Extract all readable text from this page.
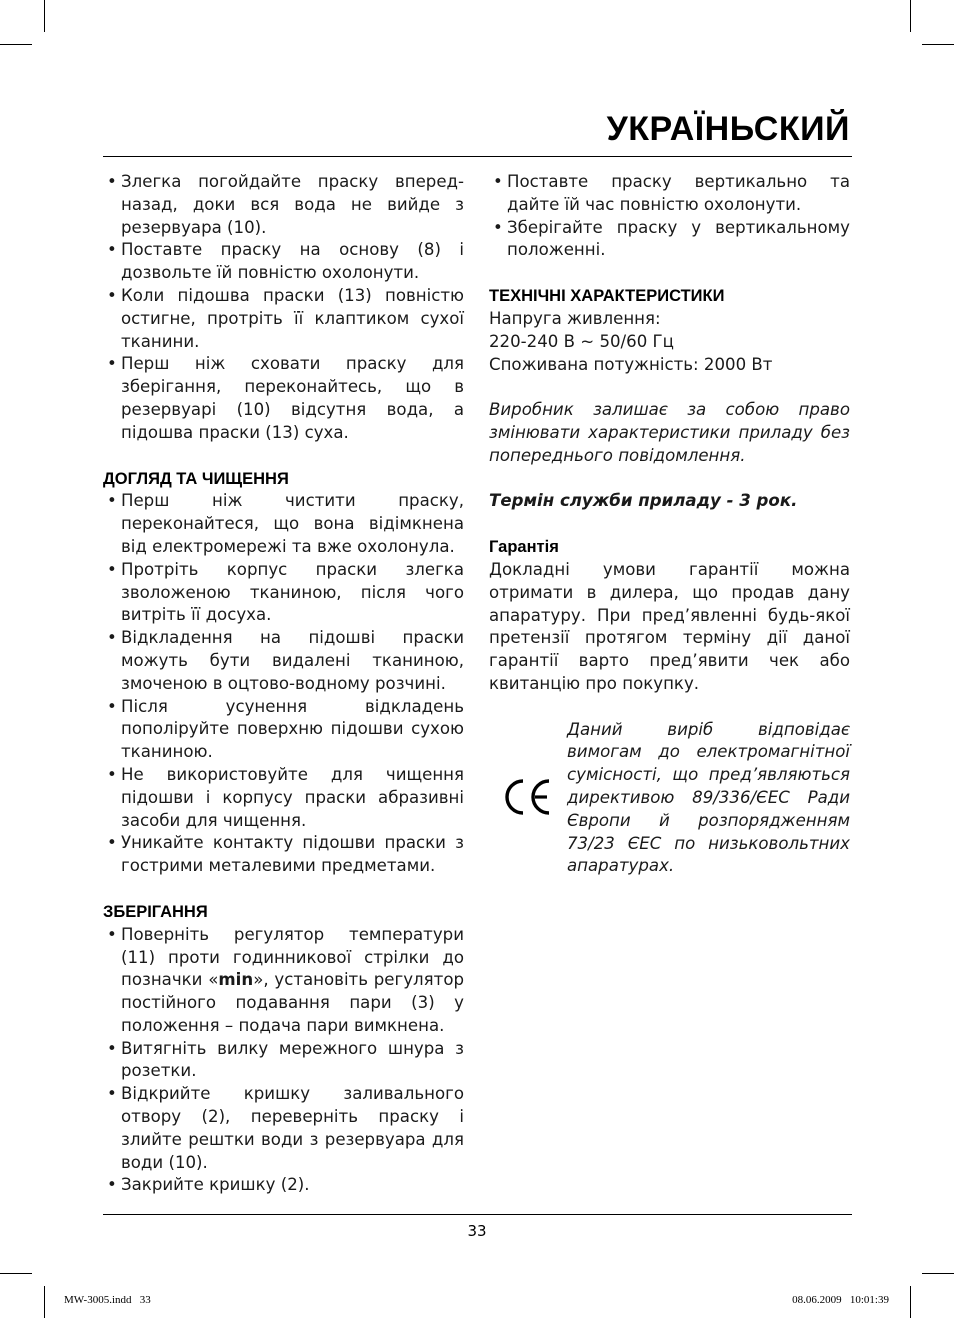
УКРАЇНЬСКИЙ
• Злегка погойдайте праску вперед-назад, доки вся вода не вийде з резервуара (10).
• Поставте праску на основу (8) і дозвольте їй повністю охолонути.
• Коли підошва праски (13) повністю остигне, протріть її клаптиком сухої тканини.
• Перш ніж сховати праску для зберігання, переконайтесь, що в резервуарі (10) відсутня вода, а підошва праски (13) суха.
ДОГЛЯД ТА ЧИЩЕННЯ
• Перш ніж чистити праску, переконайтеся, що вона відімкнена від електромережі та вже охолонула.
• Протріть корпус праски злегка зволоженою тканиною, після чого витріть її досуха.
• Відкладення на підошві праски можуть бути видалені тканиною, змоченою в оцтово-водному розчині.
• Після усунення відкладень пополіруйте поверхню підошви сухою тканиною.
• Не використовуйте для чищення підошви і корпусу праски абразивні засоби для чищення.
• Уникайте контакту підошви праски з гострими металевими предметами.
ЗБЕРІГАННЯ
• Поверніть регулятор температури (11) проти годинникової стрілки до позначки «min», установіть регулятор постійного подавання пари (3) у положення – подача пари вимкнена.
• Витягніть вилку мережного шнура з розетки.
• Відкрийте кришку заливального отвору (2), переверніть праску і злийте рештки води з резервуара для води (10).
• Закрийте кришку (2).
• Поставте праску вертикально та дайте їй час повністю охолонути.
• Зберігайте праску у вертикальному положенні.
ТЕХНІЧНІ ХАРАКТЕРИСТИКИ

Напруга живлення:

220-240 В ~ 50/60 Гц

Споживана потужність: 2000 Вт

Виробник залишає за собою право змінювати характеристики приладу без попереднього повідомлення.

Термін служби приладу - 3 рок.

Гарантія

Докладні умови гарантії можна отримати в дилера, що продав дану апаратуру. При пред’явленні будь-якої претензії протягом терміну дії даної гарантії варто пред’явити чек або квитанцію про покупку.

Даний виріб відповідає вимогам до електромагнітної сумісності, що пред’являються директивою 89/336/ЄЕС Ради Європи й розпорядженням 73/23 ЄЕС по низьковольтних апаратурах.

33
MW-3005.indd   33	08.06.2009   10:01:39
